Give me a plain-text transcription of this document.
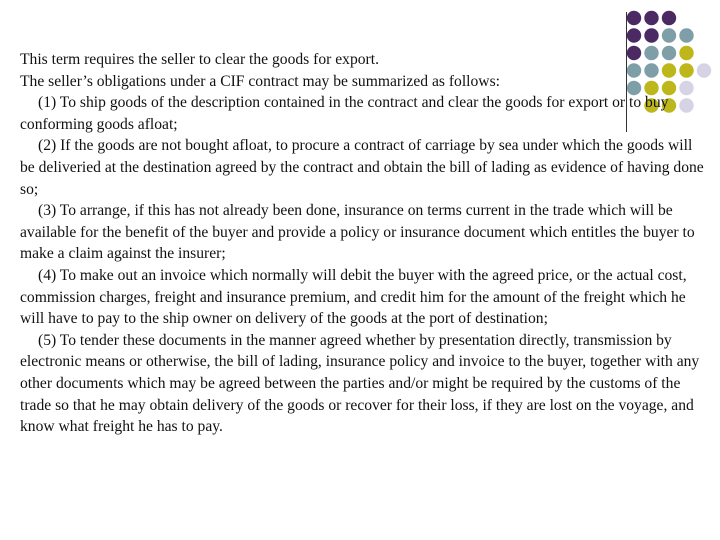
This term requires the seller to clear the goods for export.

The seller’s obligations under a CIF contract may be summarized as follows:

(1) To ship goods of the description contained in the contract and clear the goods for export or to buy conforming goods afloat;

(2) If the goods are not bought afloat, to procure a contract of carriage by sea under which the goods will be deliveried at the destination agreed by the contract and obtain the bill of lading as evidence of having done so;

(3) To arrange, if this has not already been done, insurance on terms current in the trade which will be available for the benefit of the buyer and provide a policy or insurance document which entitles the buyer to make a claim against the insurer;

(4) To make out an invoice which normally will debit the buyer with the agreed price, or the actual cost, commission charges, freight and insurance premium, and credit him for the amount of the freight which he will have to pay to the ship owner on delivery of the goods at the port of destination;

(5) To tender these documents in the manner agreed whether by presentation directly, transmission by electronic means or otherwise, the bill of lading, insurance policy and invoice to the buyer, together with any other documents which may be agreed between the parties and/or might be required by the customs of the trade so that he may obtain delivery of the goods or recover for their loss, if they are lost on the voyage, and know what freight he has to pay.
